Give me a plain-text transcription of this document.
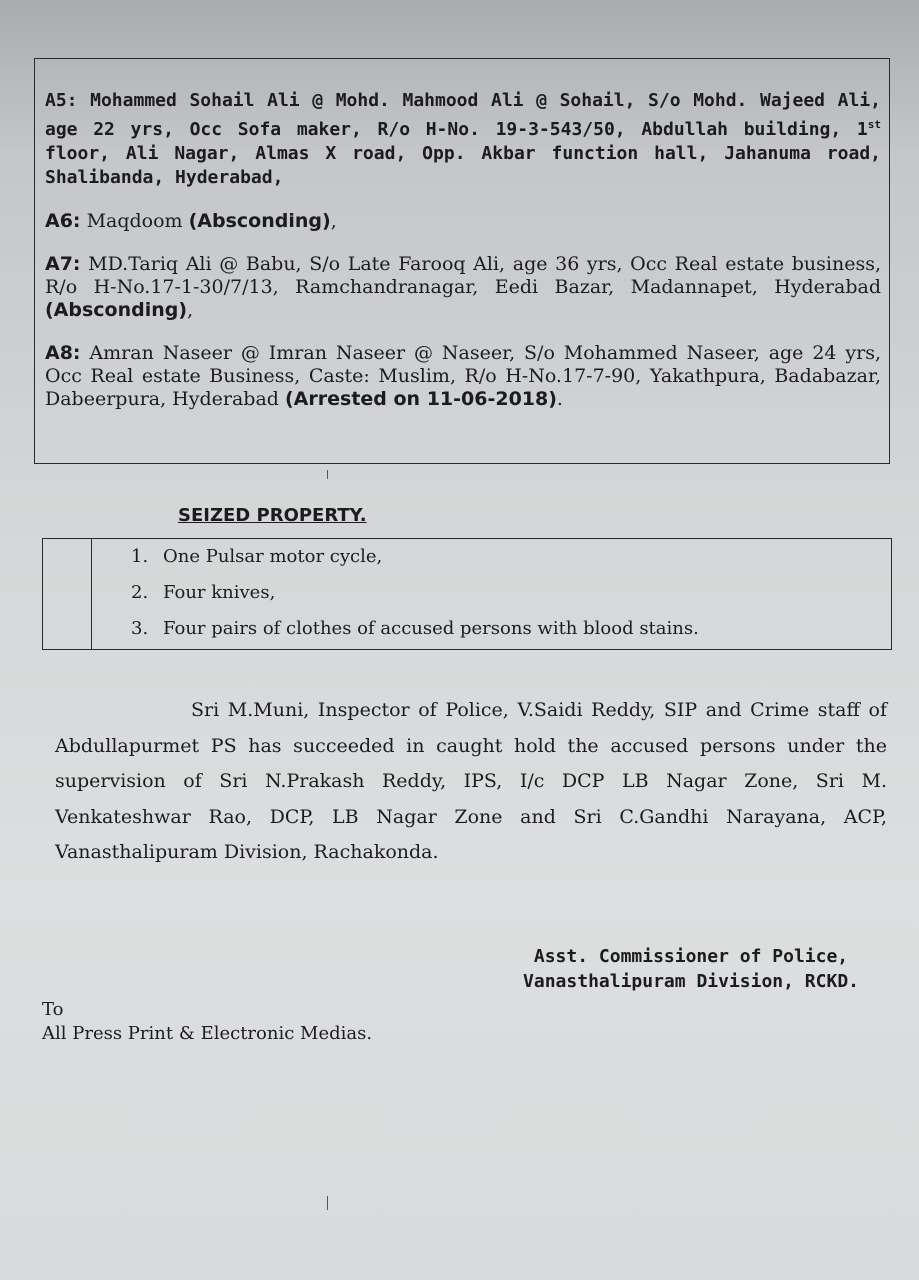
A5: Mohammed Sohail Ali @ Mohd. Mahmood Ali @ Sohail, S/o Mohd. Wajeed Ali, age 22 yrs, Occ Sofa maker, R/o H-No. 19-3-543/50, Abdullah building, 1st floor, Ali Nagar, Almas X road, Opp. Akbar function hall, Jahanuma road, Shalibanda, Hyderabad,
A6: Maqdoom (Absconding),
A7: MD.Tariq Ali @ Babu, S/o Late Farooq Ali, age 36 yrs, Occ Real estate business, R/o H-No.17-1-30/7/13, Ramchandranagar, Eedi Bazar, Madannapet, Hyderabad (Absconding),
A8: Amran Naseer @ Imran Naseer @ Naseer, S/o Mohammed Naseer, age 24 yrs, Occ Real estate Business, Caste: Muslim, R/o H-No.17-7-90, Yakathpura, Badabazar, Dabeerpura, Hyderabad (Arrested on 11-06-2018).
SEIZED PROPERTY.
1. One Pulsar motor cycle,
2. Four knives,
3. Four pairs of clothes of accused persons with blood stains.
Sri M.Muni, Inspector of Police, V.Saidi Reddy, SIP and Crime staff of Abdullapurmet PS has succeeded in caught hold the accused persons under the supervision of Sri N.Prakash Reddy, IPS, I/c DCP LB Nagar Zone, Sri M. Venkateshwar Rao, DCP, LB Nagar Zone and Sri C.Gandhi Narayana, ACP, Vanasthalipuram Division, Rachakonda.
Asst. Commissioner of Police,
Vanasthalipuram Division, RCKD.
To
All Press Print & Electronic Medias.
